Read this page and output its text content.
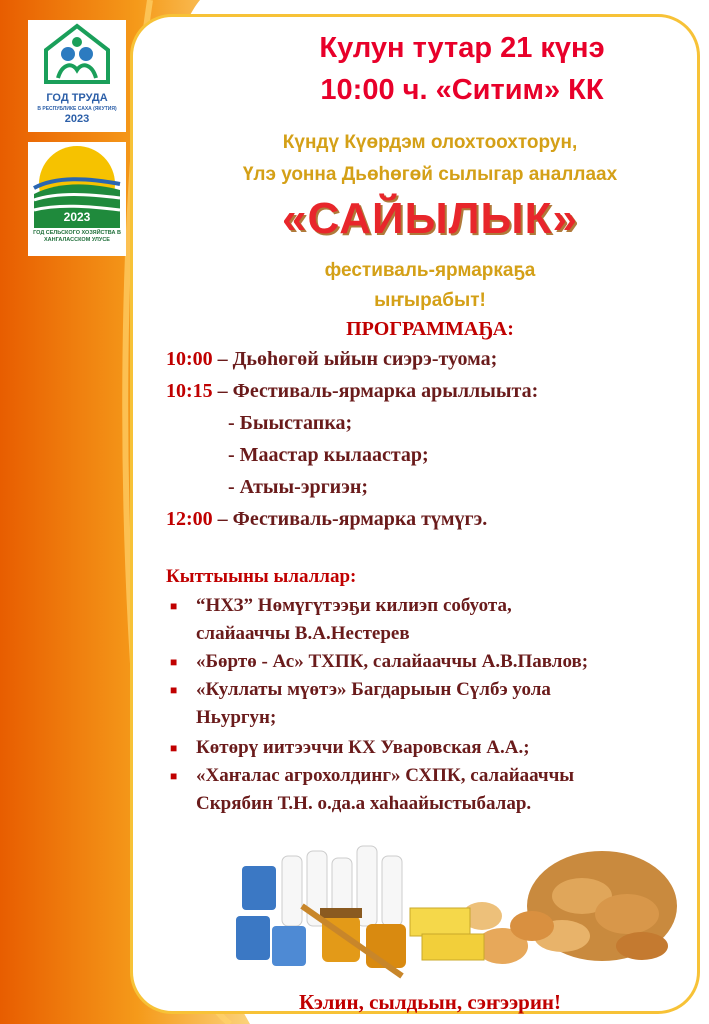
ГОД ТРУДА
В РЕСПУБЛИКЕ САХА (ЯКУТИЯ)
2023
2023
ГОД СЕЛЬСКОГО ХОЗЯЙСТВА В ХАНГАЛАССКОМ УЛУСЕ
Кулун тутар 21 күнэ
10:00 ч. «Ситим» КК
Күндү Күөрдэм олохтоохторун,
Үлэ уонна Дьөһөгөй сылыгар аналлаах
«САЙЫЛЫК»
фестиваль-ярмаркаҕа
ыҥырабыт!
ПРОГРАММАҔА:
10:00 – Дьөһөгөй ыйын сиэрэ-туома;
10:15 – Фестиваль-ярмарка арыллыыта:
- Быыстапка;
- Маастар кылаастар;
- Атыы-эргиэн;
12:00 – Фестиваль-ярмарка түмүгэ.
Кыттыыны ылаллар:
■ “НХЗ” Нөмүгүтээҕи килиэп собуота,
слайааччы В.А.Нестерев
■ «Бөртө - Ас» ТХПК, салайааччы А.В.Павлов;
■ «Куллаты мүөтэ» Багдарыын Сүлбэ уола
Ньургун;
■ Көтөрү иитээччи КХ Уваровская А.А.;
■ «Хаҥалас агрохолдинг» СХПК, салайааччы
Скрябин Т.Н. о.да.а хаһаайыстыбалар.
Кэлин, сылдьын, сэҥээрин!
